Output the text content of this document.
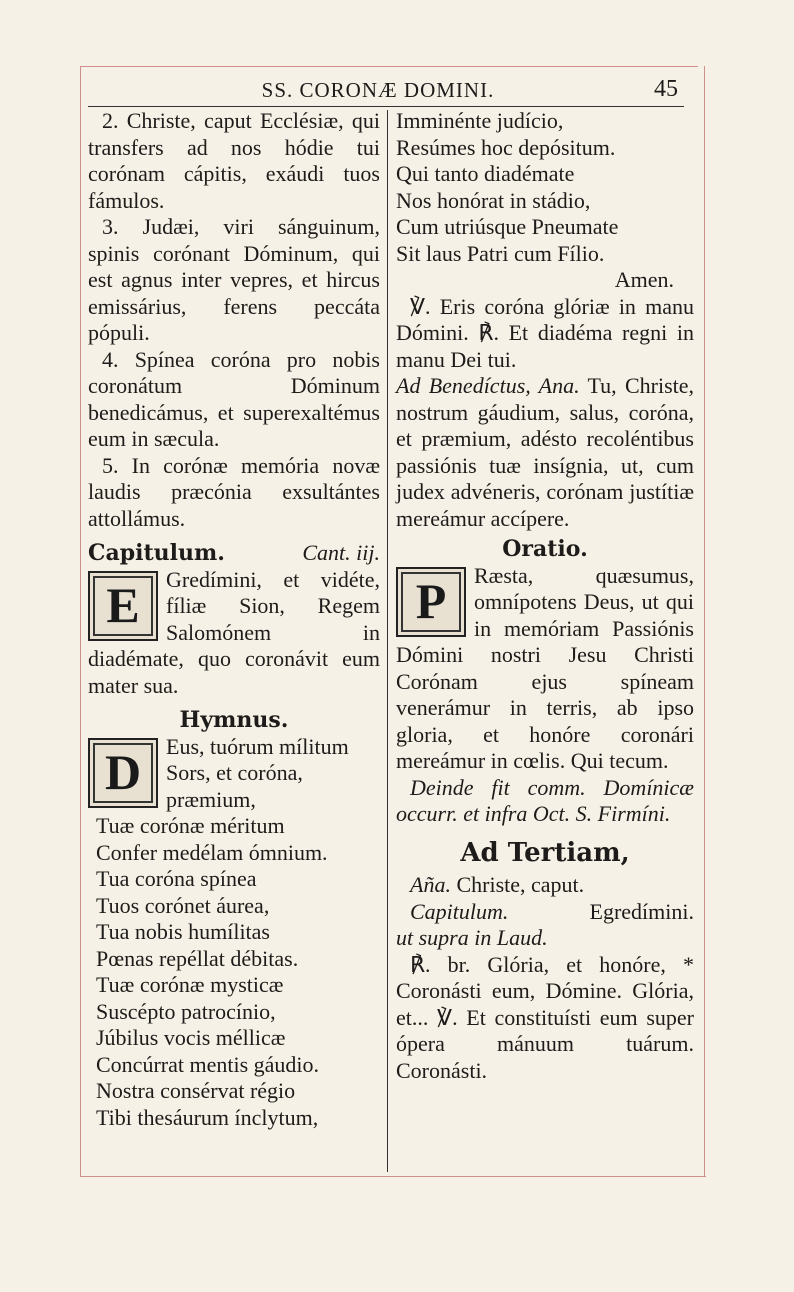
SS. CORONÆ DOMINI.	45

2. Christe, caput Ecclésiæ, qui transfers ad nos hódie tui corónam cápitis, exáudi tuos fámulos.

3. Judæi, viri sánguinum, spinis corónant Dóminum, qui est agnus inter vepres, et hircus emissárius, ferens peccáta pópuli.

4. Spínea coróna pro nobis coronátum Dóminum benedicámus, et superexaltémus eum in sæcula.

5. In corónæ memória novæ laudis præcónia exsultántes attollámus.

Capitulum.	Cant. iij.
E	Gredímini, et vidéte, fíliæ Sion, Regem Salomónem in diadémate, quo coronávit eum mater sua.

Hymnus.

D	Eus, tuórum mílitum Sors, et coróna, præmium,

Tuæ corónæ méritum

Confer medélam ómnium.

Tua coróna spínea

Tuos corónet áurea,

Tua nobis humílitas

Pœnas repéllat débitas.

Tuæ corónæ mysticæ

Suscépto patrocínio,

Júbilus vocis méllicæ

Concúrrat mentis gáudio.

Nostra consérvat régio

Tibi thesáurum ínclytum,

Imminénte judício,

Resúmes hoc depósitum.

Qui tanto diadémate

Nos honórat in stádio,

Cum utriúsque Pneumate

Sit laus Patri cum Fílio.

Amen.

℣. Eris coróna glóriæ in manu Dómini. ℟. Et diadéma regni in manu Dei tui.

Ad Benedíctus, Ana. Tu, Christe, nostrum gáudium, salus, coróna, et præmium, adésto recoléntibus passiónis tuæ insígnia, ut, cum judex advéneris, corónam justítiæ mereámur accípere.

Oratio.

P	Ræsta, quæsumus, omnípotens Deus, ut qui in memóriam Passiónis Dómini nostri Jesu Christi Corónam ejus spíneam venerámur in terris, ab ipso gloria, et honóre coronári mereámur in cœlis. Qui tecum.

Deinde fit comm. Domínicæ occurr. et infra Oct. S. Firmíni.

Ad Tertiam,

Aña. Christe, caput.

Capitulum.	Egredímini.

ut supra in Laud.

℟. br. Glória, et honóre, * Coronásti eum, Dómine. Glória, et... ℣. Et constituísti eum super ópera mánuum tuárum. Coronásti.
